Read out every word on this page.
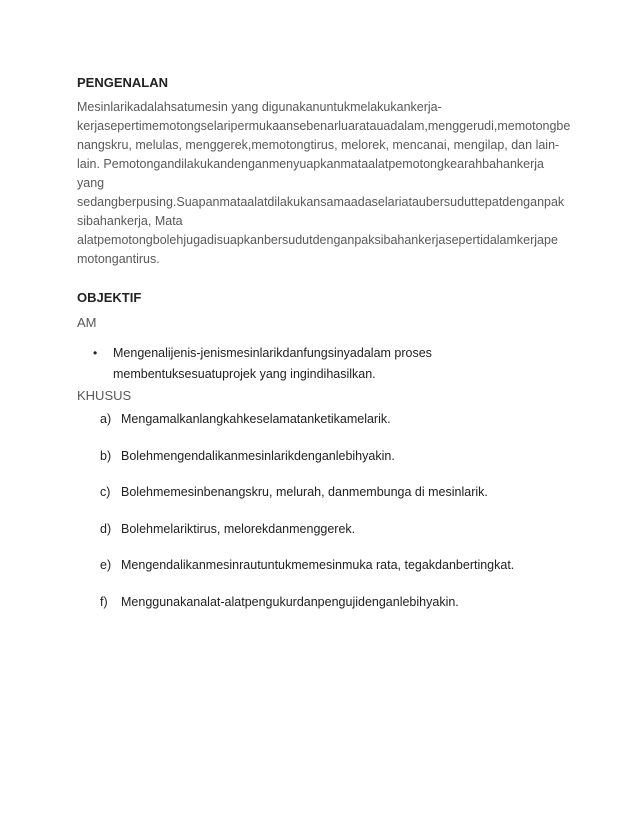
PENGENALAN

Mesinlarikadalahsatumesin yang digunakanuntukmelakukankerja-
kerjasepertimemotongselaripermukaansebenarluaratauadalam,menggerudi,memotongbe
nangskru, melulas, menggerek,memotongtirus, melorek, mencanai, mengilap, dan lain-
lain. Pemotongandilakukandenganmenyuapkanmataalatpemotongkearahbahankerja
yang
sedangberpusing.Suapanmataalatdilakukansamaadaselariataubersuduttepatdenganpak
sibahankerja, Mata
alatpemotongbolehjugadisuapkanbersudutdenganpaksibahankerjasepertidalamkerjape
motongantirus.

OBJEKTIF

AM

• Mengenalijenis-jenismesinlarikdanfungsinyadalam proses
membentuksesuatuprojek yang ingindihasilkan.

KHUSUS

a) Mengamalkanlangkahkeselamatanketikamelarik.
b) Bolehmengendalikanmesinlarikdenganlebihyakin.
c) Bolehmemesinbenangskru, melurah, danmembunga di mesinlarik.
d) Bolehmelariktirus, melorekdanmenggerek.
e) Mengendalikanmesinrautuntukmemesinmuka rata, tegakdanbertingkat.
f) Menggunakanalat-alatpengukurdanpengujidenganlebihyakin.
